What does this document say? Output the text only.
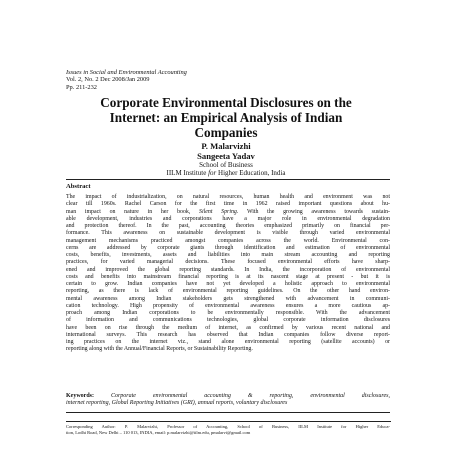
Issues in Social and Environmental Accounting
Vol. 2, No. 2 Dec 2008/Jan 2009
Pp. 211-232
Corporate Environmental Disclosures on the
Internet: an Empirical Analysis of Indian
Companies
P. Malarvizhi
Sangeeta Yadav
School of Business
IILM Institute for Higher Education, India
Abstract
The impact of industrialization, on natural resources, human health and environment was not
clear till 1960s. Rachel Carson for the first time in 1962 raised important questions about hu-
man impact on nature in her book, Silent Spring. With the growing awareness towards sustain-
able development, industries and corporations have a major role in environmental degradation
and protection thereof. In the past, accounting theories emphasized primarily on financial per-
formance. This awareness on sustainable development is visible through varied environmental
management mechanisms practiced amongst companies across the world. Environmental con-
cerns are addressed by corporate giants through identification and estimation of environmental
costs, benefits, investments, assets and liabilities into main stream accounting and reporting
practices, for varied managerial decisions. These focused environmental efforts have sharp-
ened and improved the global reporting standards. In India, the incorporation of environmental
costs and benefits into mainstream financial reporting is at its nascent stage at present - but it is
certain to grow. Indian companies have not yet developed a holistic approach to environmental
reporting, as there is lack of environmental reporting guidelines. On the other hand environ-
mental awareness among Indian stakeholders gets strengthened with advancement in communi-
cation technology. High propensity of environmental awareness ensures a more cautious ap-
proach among Indian corporations to be environmentally responsible. With the advancement
of information and communications technologies, global corporate information disclosures
have been on rise through the medium of internet, as confirmed by various recent national and
international surveys. This research has observed that Indian companies follow diverse report-
ing practices on the internet viz., stand alone environmental reporting (satellite accounts) or
reporting along with the Annual/Financial Reports, or Sustainability Reporting.
Keywords: Corporate environmental accounting & reporting, environmental disclosures,
internet reporting, Global Reporting Initiatives (GRI), annual reports, voluntary disclosures
Corresponding Author: P. Malarvizhi, Professor of Accounting, School of Business, IILM Institute for Higher Educa-
tion, Lodhi Road, New Delhi – 110 013, INDIA, email: p.malarvizhi@iilm.edu, pmalarvi@gmail.com
